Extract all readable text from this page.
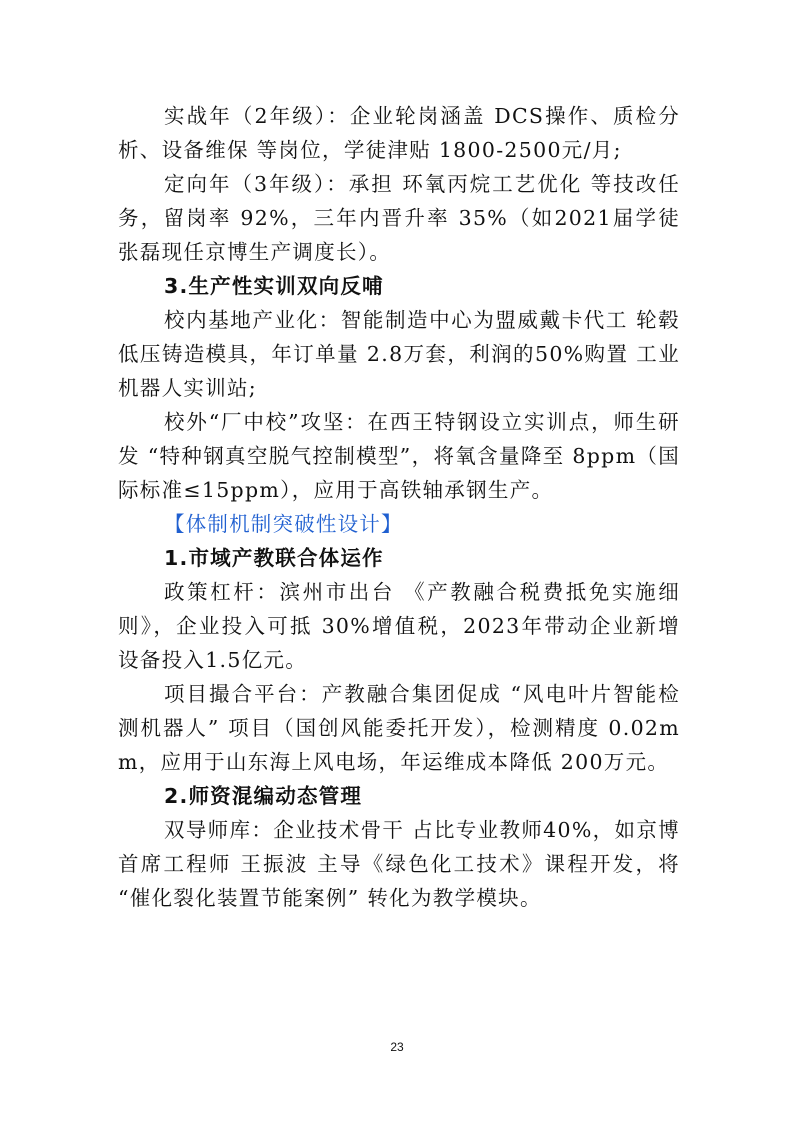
实战年（2年级）：企业轮岗涵盖 DCS操作、质检分析、设备维保 等岗位，学徒津贴 1800-2500元/月;

定向年（3年级）：承担 环氧丙烷工艺优化 等技改任务，留岗率 92%，三年内晋升率 35%（如2021届学徒张磊现任京博生产调度长）。

3.生产性实训双向反哺

校内基地产业化：智能制造中心为盟威戴卡代工 轮毂低压铸造模具，年订单量 2.8万套，利润的50%购置 工业机器人实训站;

校外“厂中校”攻坚：在西王特钢设立实训点，师生研发 “特种钢真空脱气控制模型”，将氧含量降至 8ppm（国际标准≤15ppm），应用于高铁轴承钢生产。

【体制机制突破性设计】

1.市域产教联合体运作

政策杠杆：滨州市出台 《产教融合税费抵免实施细则》，企业投入可抵 30%增值税，2023年带动企业新增设备投入1.5亿元。

项目撮合平台：产教融合集团促成 “风电叶片智能检测机器人” 项目（国创风能委托开发），检测精度 0.02mm，应用于山东海上风电场，年运维成本降低 200万元。

2.师资混编动态管理

双导师库：企业技术骨干 占比专业教师40%，如京博首席工程师 王振波 主导《绿色化工技术》课程开发，将 “催化裂化装置节能案例” 转化为教学模块。

23
